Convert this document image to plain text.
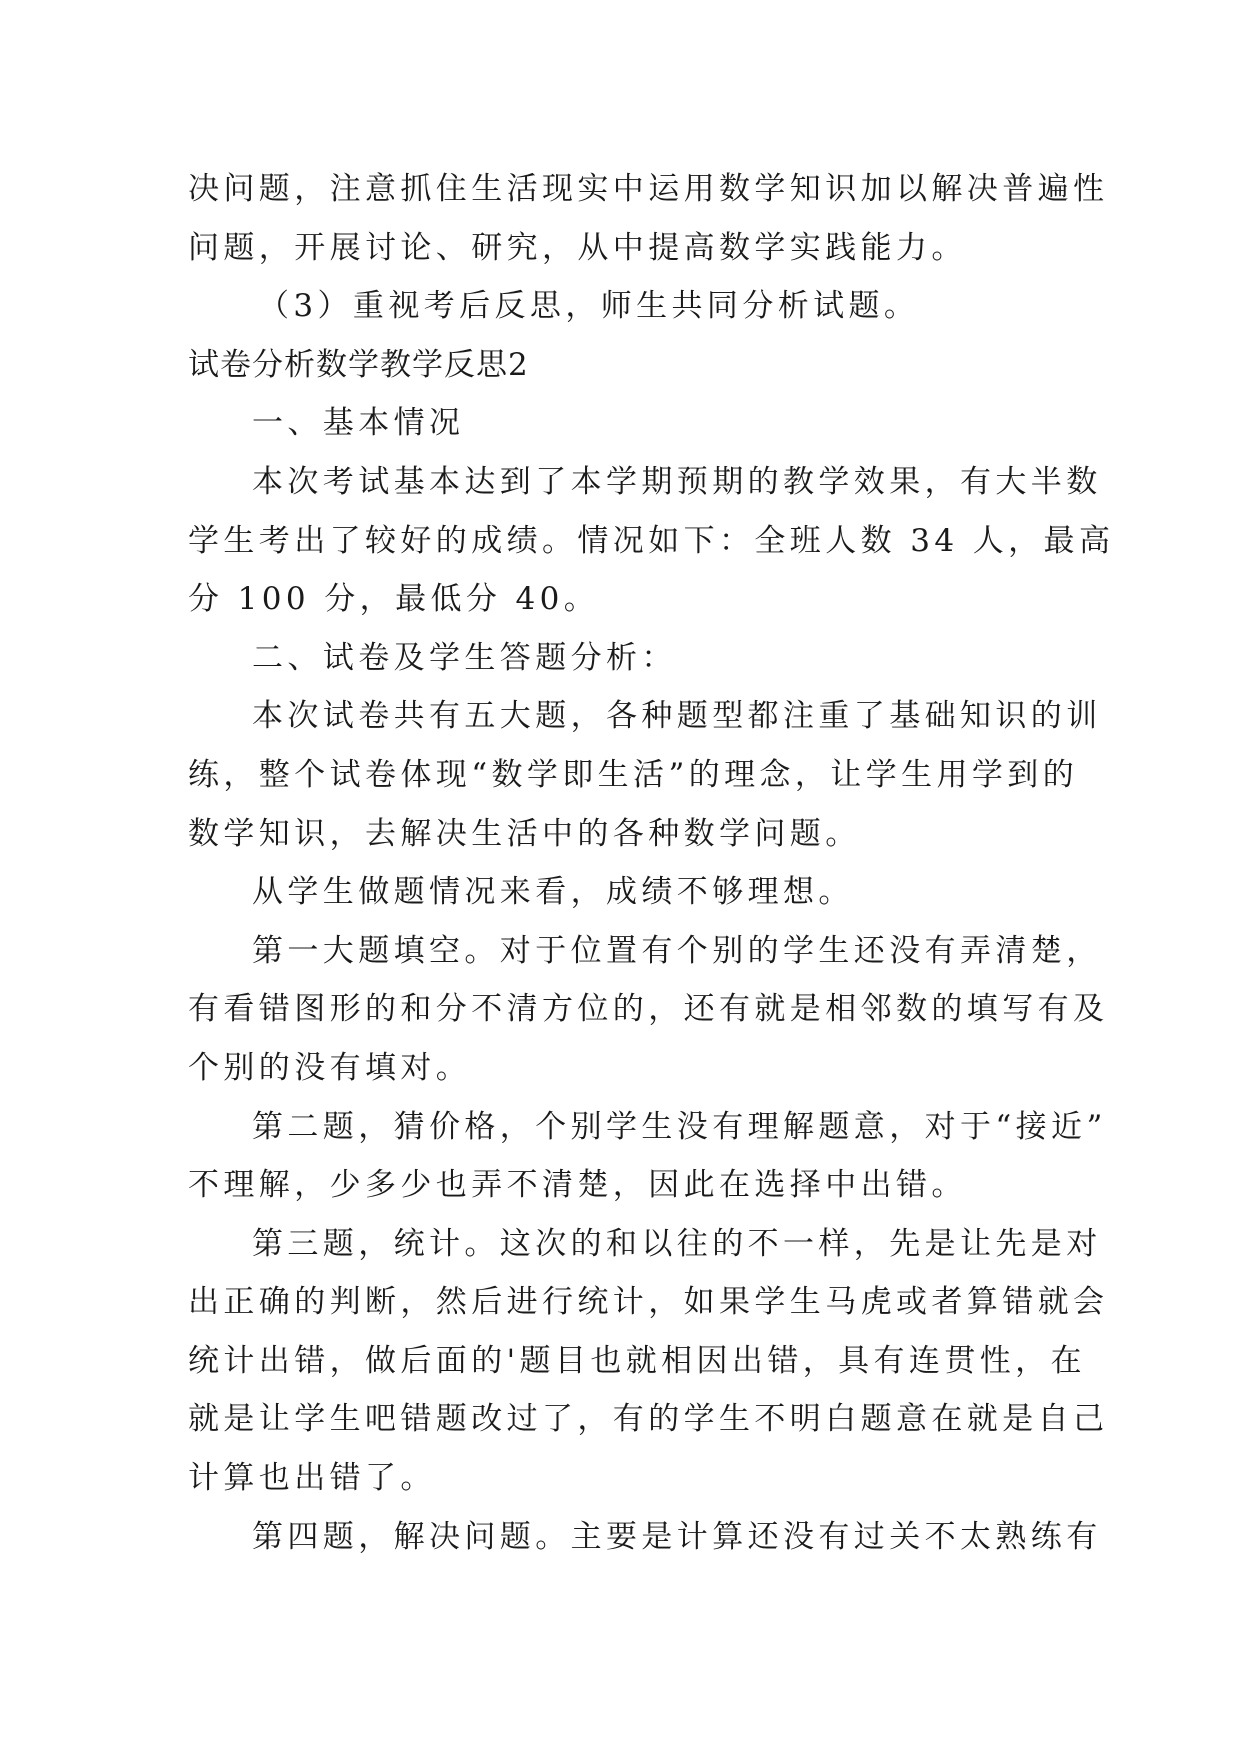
决问题，注意抓住生活现实中运用数学知识加以解决普遍性
问题，开展讨论、研究，从中提高数学实践能力。
（3）重视考后反思，师生共同分析试题。
试卷分析数学教学反思2
一、基本情况
本次考试基本达到了本学期预期的教学效果，有大半数
学生考出了较好的成绩。情况如下：全班人数 34 人，最高
分 100 分，最低分 40。
二、试卷及学生答题分析：
本次试卷共有五大题，各种题型都注重了基础知识的训
练，整个试卷体现“数学即生活”的理念，让学生用学到的
数学知识，去解决生活中的各种数学问题。
从学生做题情况来看，成绩不够理想。
第一大题填空。对于位置有个别的学生还没有弄清楚，
有看错图形的和分不清方位的，还有就是相邻数的填写有及
个别的没有填对。
第二题，猜价格，个别学生没有理解题意，对于“接近”
不理解，少多少也弄不清楚，因此在选择中出错。
第三题，统计。这次的和以往的不一样，先是让先是对
出正确的判断，然后进行统计，如果学生马虎或者算错就会
统计出错，做后面的'题目也就相因出错，具有连贯性，在
就是让学生吧错题改过了，有的学生不明白题意在就是自己
计算也出错了。
第四题，解决问题。主要是计算还没有过关不太熟练有
